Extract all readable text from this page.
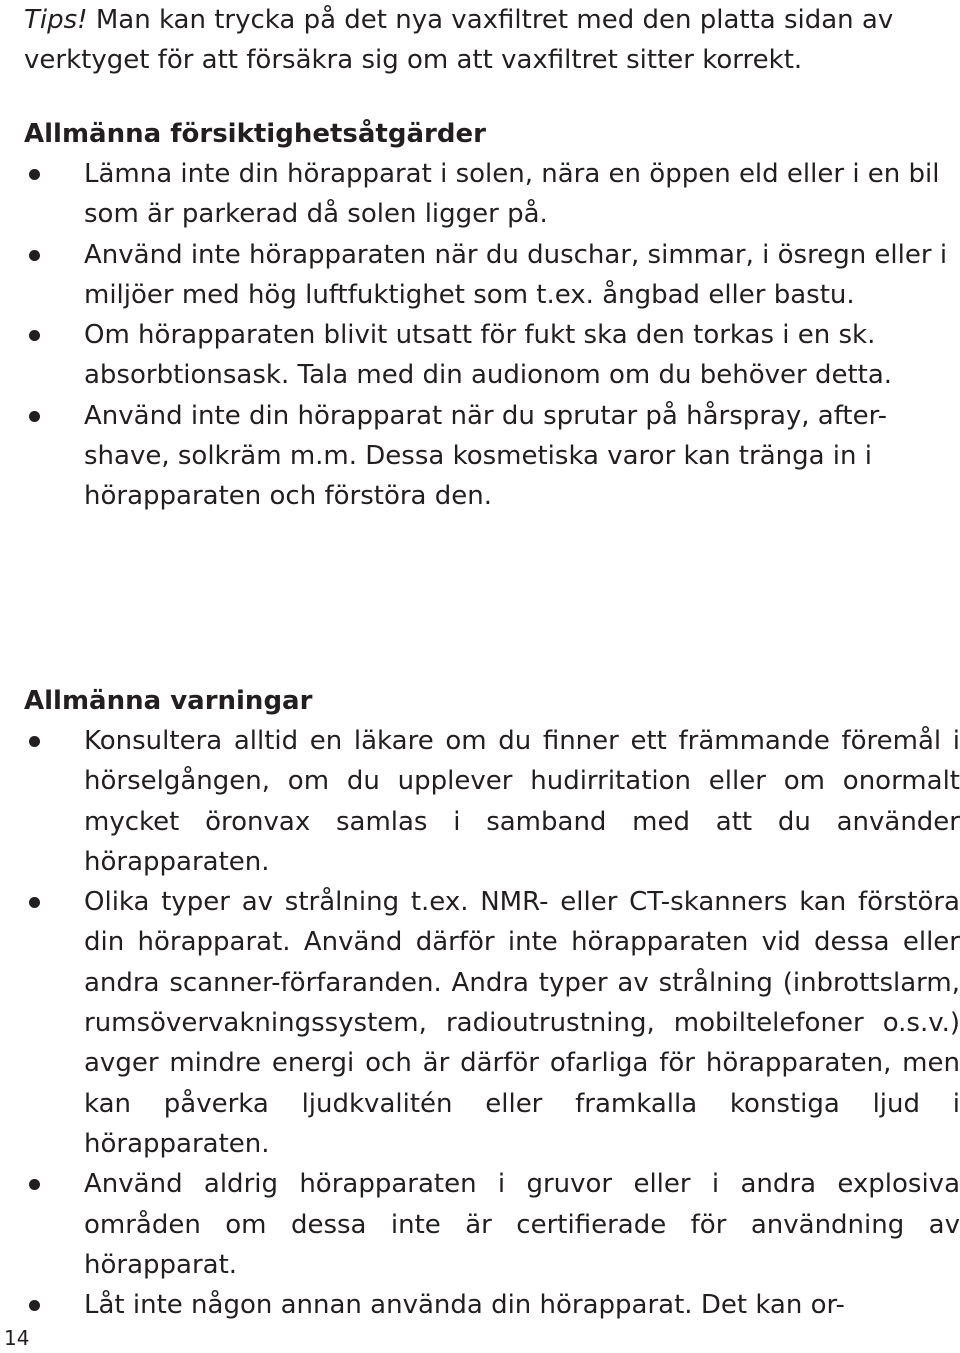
Tips! Man kan trycka på det nya vaxfiltret med den platta sidan av verktyget för att försäkra sig om att vaxfiltret sitter korrekt.

Allmänna försiktighetsåtgärder
Lämna inte din hörapparat i solen, nära en öppen eld eller i en bil som är parkerad då solen ligger på.
Använd inte hörapparaten när du duschar, simmar, i ösregn eller i miljöer med hög luftfuktighet som t.ex. ångbad eller bastu.
Om hörapparaten blivit utsatt för fukt ska den torkas i en sk. absorbtionsask. Tala med din audionom om du behöver detta.
Använd inte din hörapparat när du sprutar på hårspray, after-shave, solkräm m.m. Dessa kosmetiska varor kan tränga in i hörapparaten och förstöra den.
Allmänna varningar
Konsultera alltid en läkare om du finner ett främmande föremål i hörselgången, om du upplever hudirritation eller om onormalt mycket öronvax samlas i samband med att du använder hörapparaten.
Olika typer av strålning t.ex. NMR- eller CT-skanners kan förstöra din hörapparat. Använd därför inte hörapparaten vid dessa eller andra scanner-förfaranden. Andra typer av strålning (inbrottslarm, rumsövervakningssystem, radioutrustning, mobiltelefoner o.s.v.) avger mindre energi och är därför ofarliga för hörapparaten, men kan påverka ljudkvalitén eller framkalla konstiga ljud i hörapparaten.
Använd aldrig hörapparaten i gruvor eller i andra explosiva områden om dessa inte är certifierade för användning av hörapparat.
Låt inte någon annan använda din hörapparat. Det kan or-
14
